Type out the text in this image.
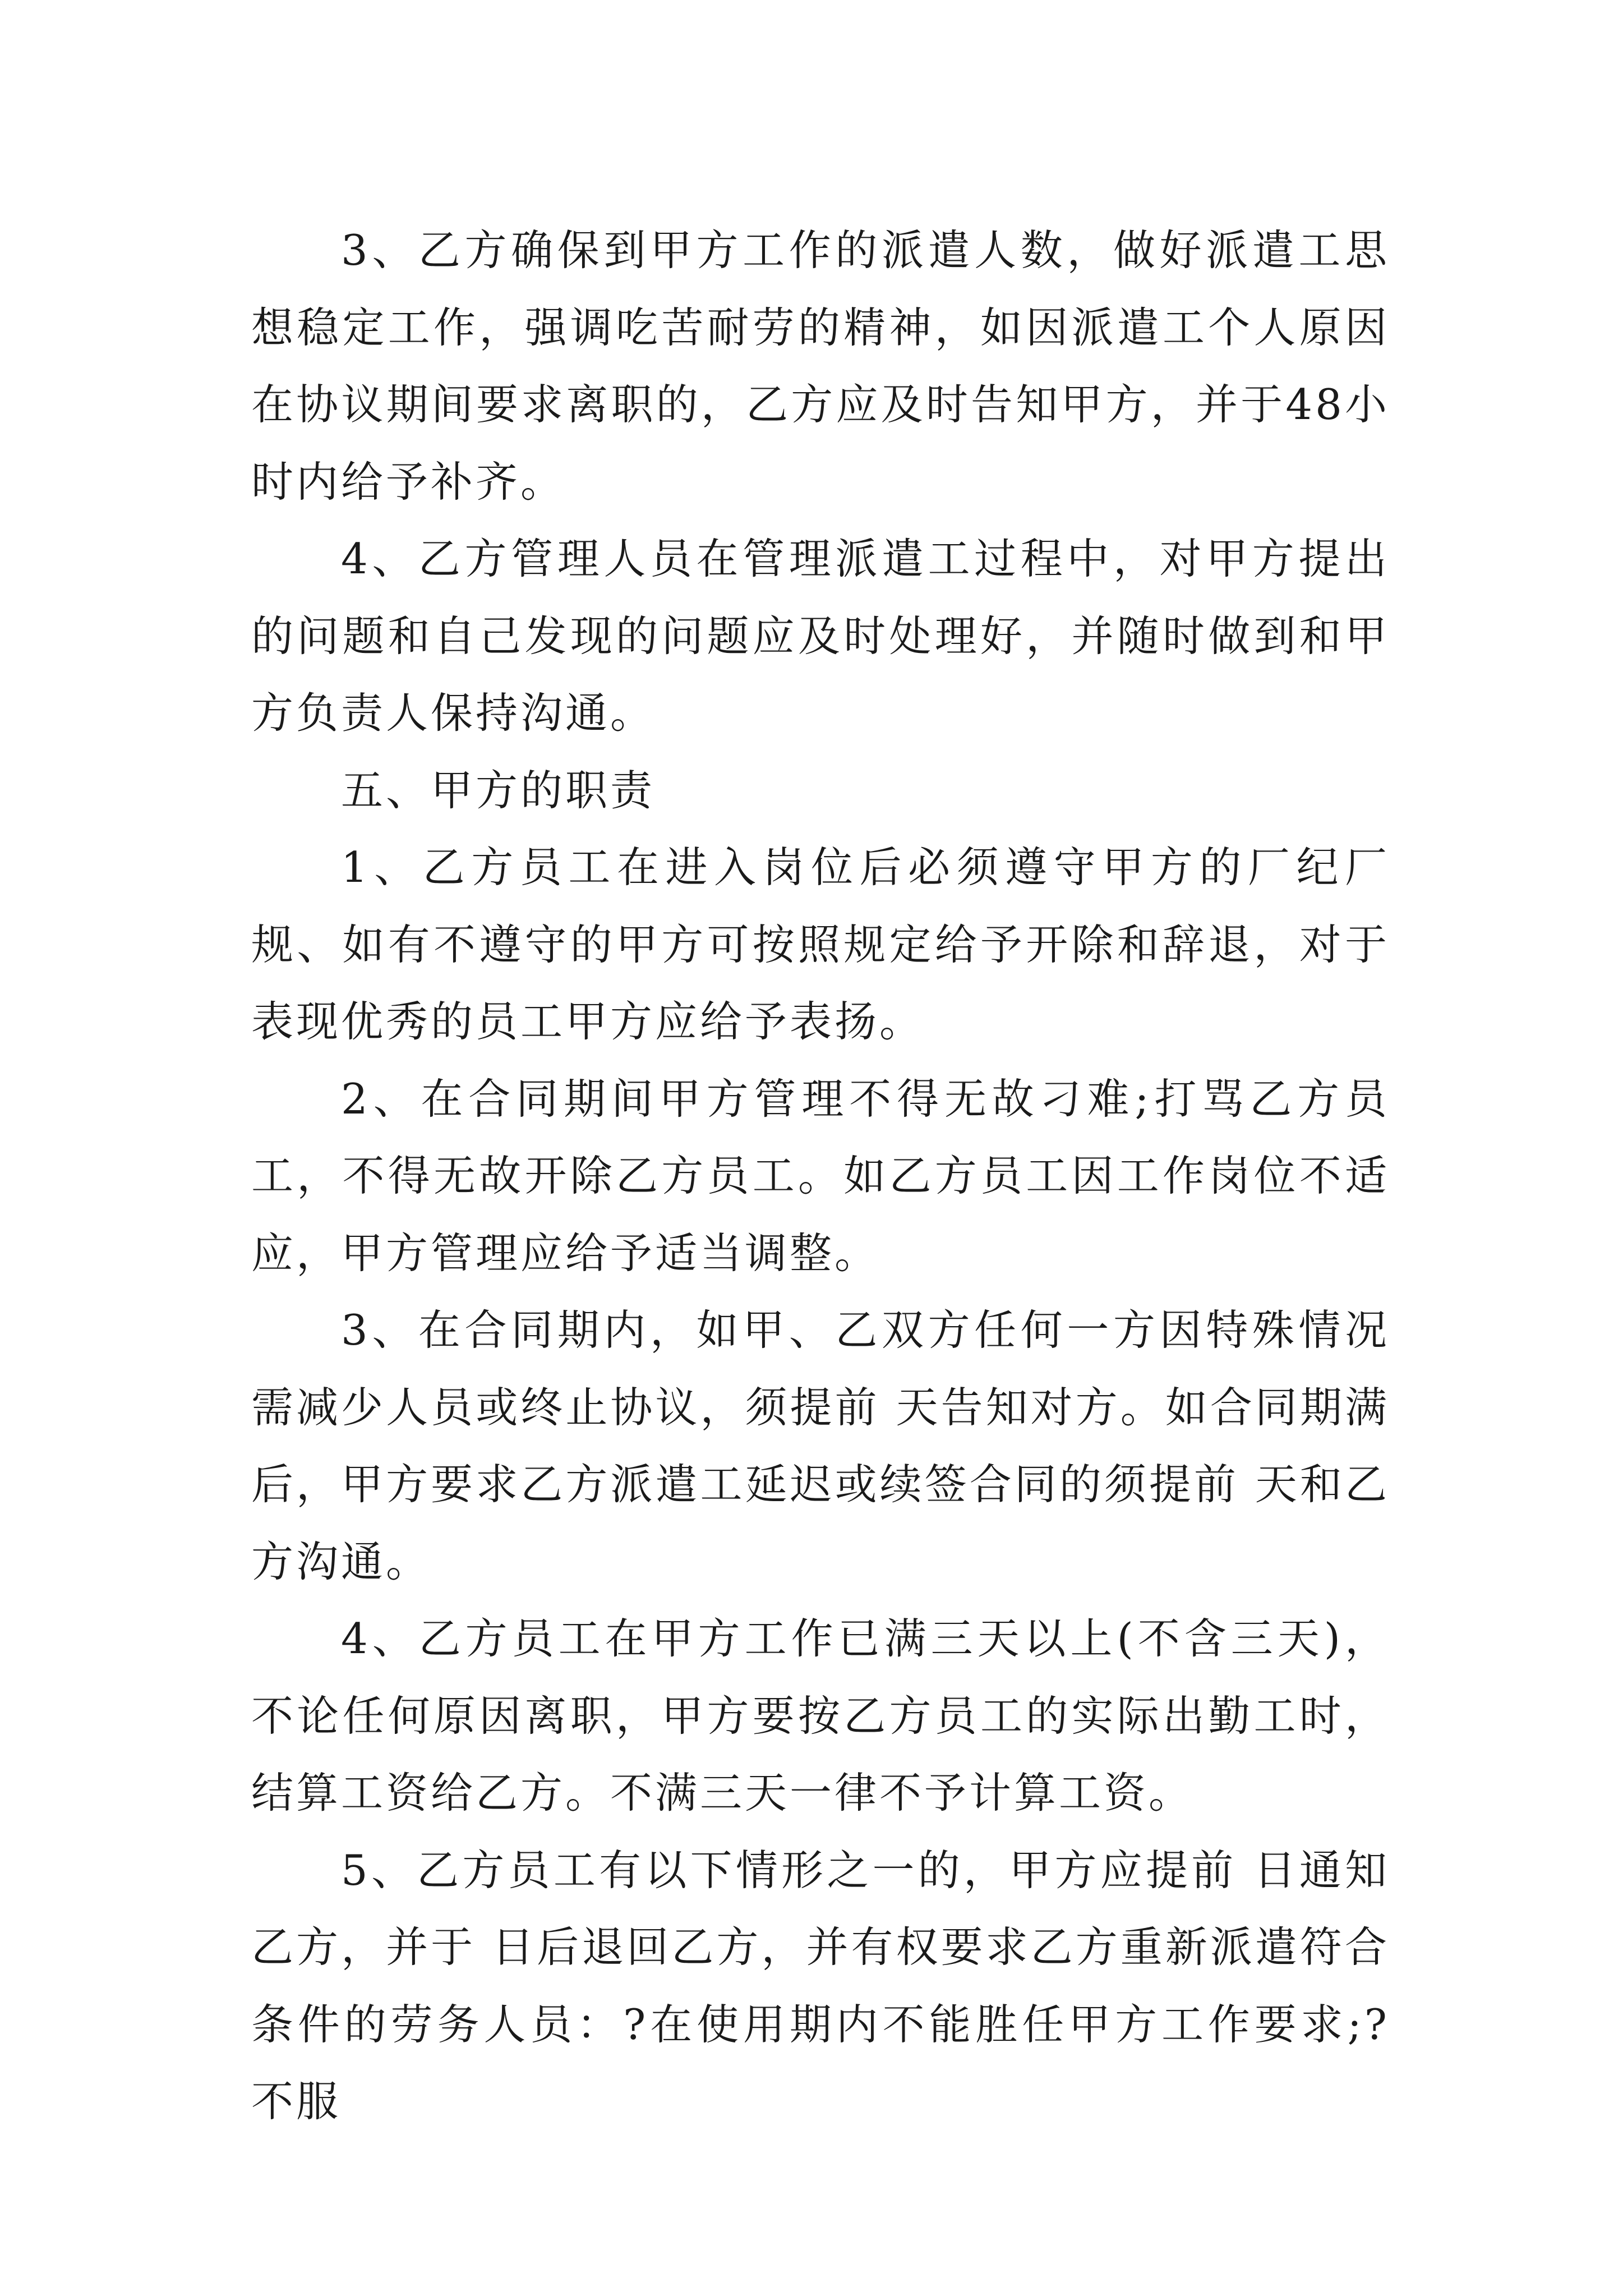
3、乙方确保到甲方工作的派遣人数，做好派遣工思想稳定工作，强调吃苦耐劳的精神，如因派遣工个人原因在协议期间要求离职的，乙方应及时告知甲方，并于48小时内给予补齐。

4、乙方管理人员在管理派遣工过程中，对甲方提出的问题和自己发现的问题应及时处理好，并随时做到和甲方负责人保持沟通。

五、甲方的职责

1、乙方员工在进入岗位后必须遵守甲方的厂纪厂规、如有不遵守的甲方可按照规定给予开除和辞退，对于表现优秀的员工甲方应给予表扬。

2、在合同期间甲方管理不得无故刁难;打骂乙方员工，不得无故开除乙方员工。如乙方员工因工作岗位不适应，甲方管理应给予适当调整。

3、在合同期内，如甲、乙双方任何一方因特殊情况需减少人员或终止协议，须提前 天告知对方。如合同期满后，甲方要求乙方派遣工延迟或续签合同的须提前 天和乙方沟通。

4、乙方员工在甲方工作已满三天以上(不含三天)，不论任何原因离职，甲方要按乙方员工的实际出勤工时，结算工资给乙方。不满三天一律不予计算工资。

5、乙方员工有以下情形之一的，甲方应提前 日通知乙方，并于 日后退回乙方，并有权要求乙方重新派遣符合条件的劳务人员：?在使用期内不能胜任甲方工作要求;?不服
